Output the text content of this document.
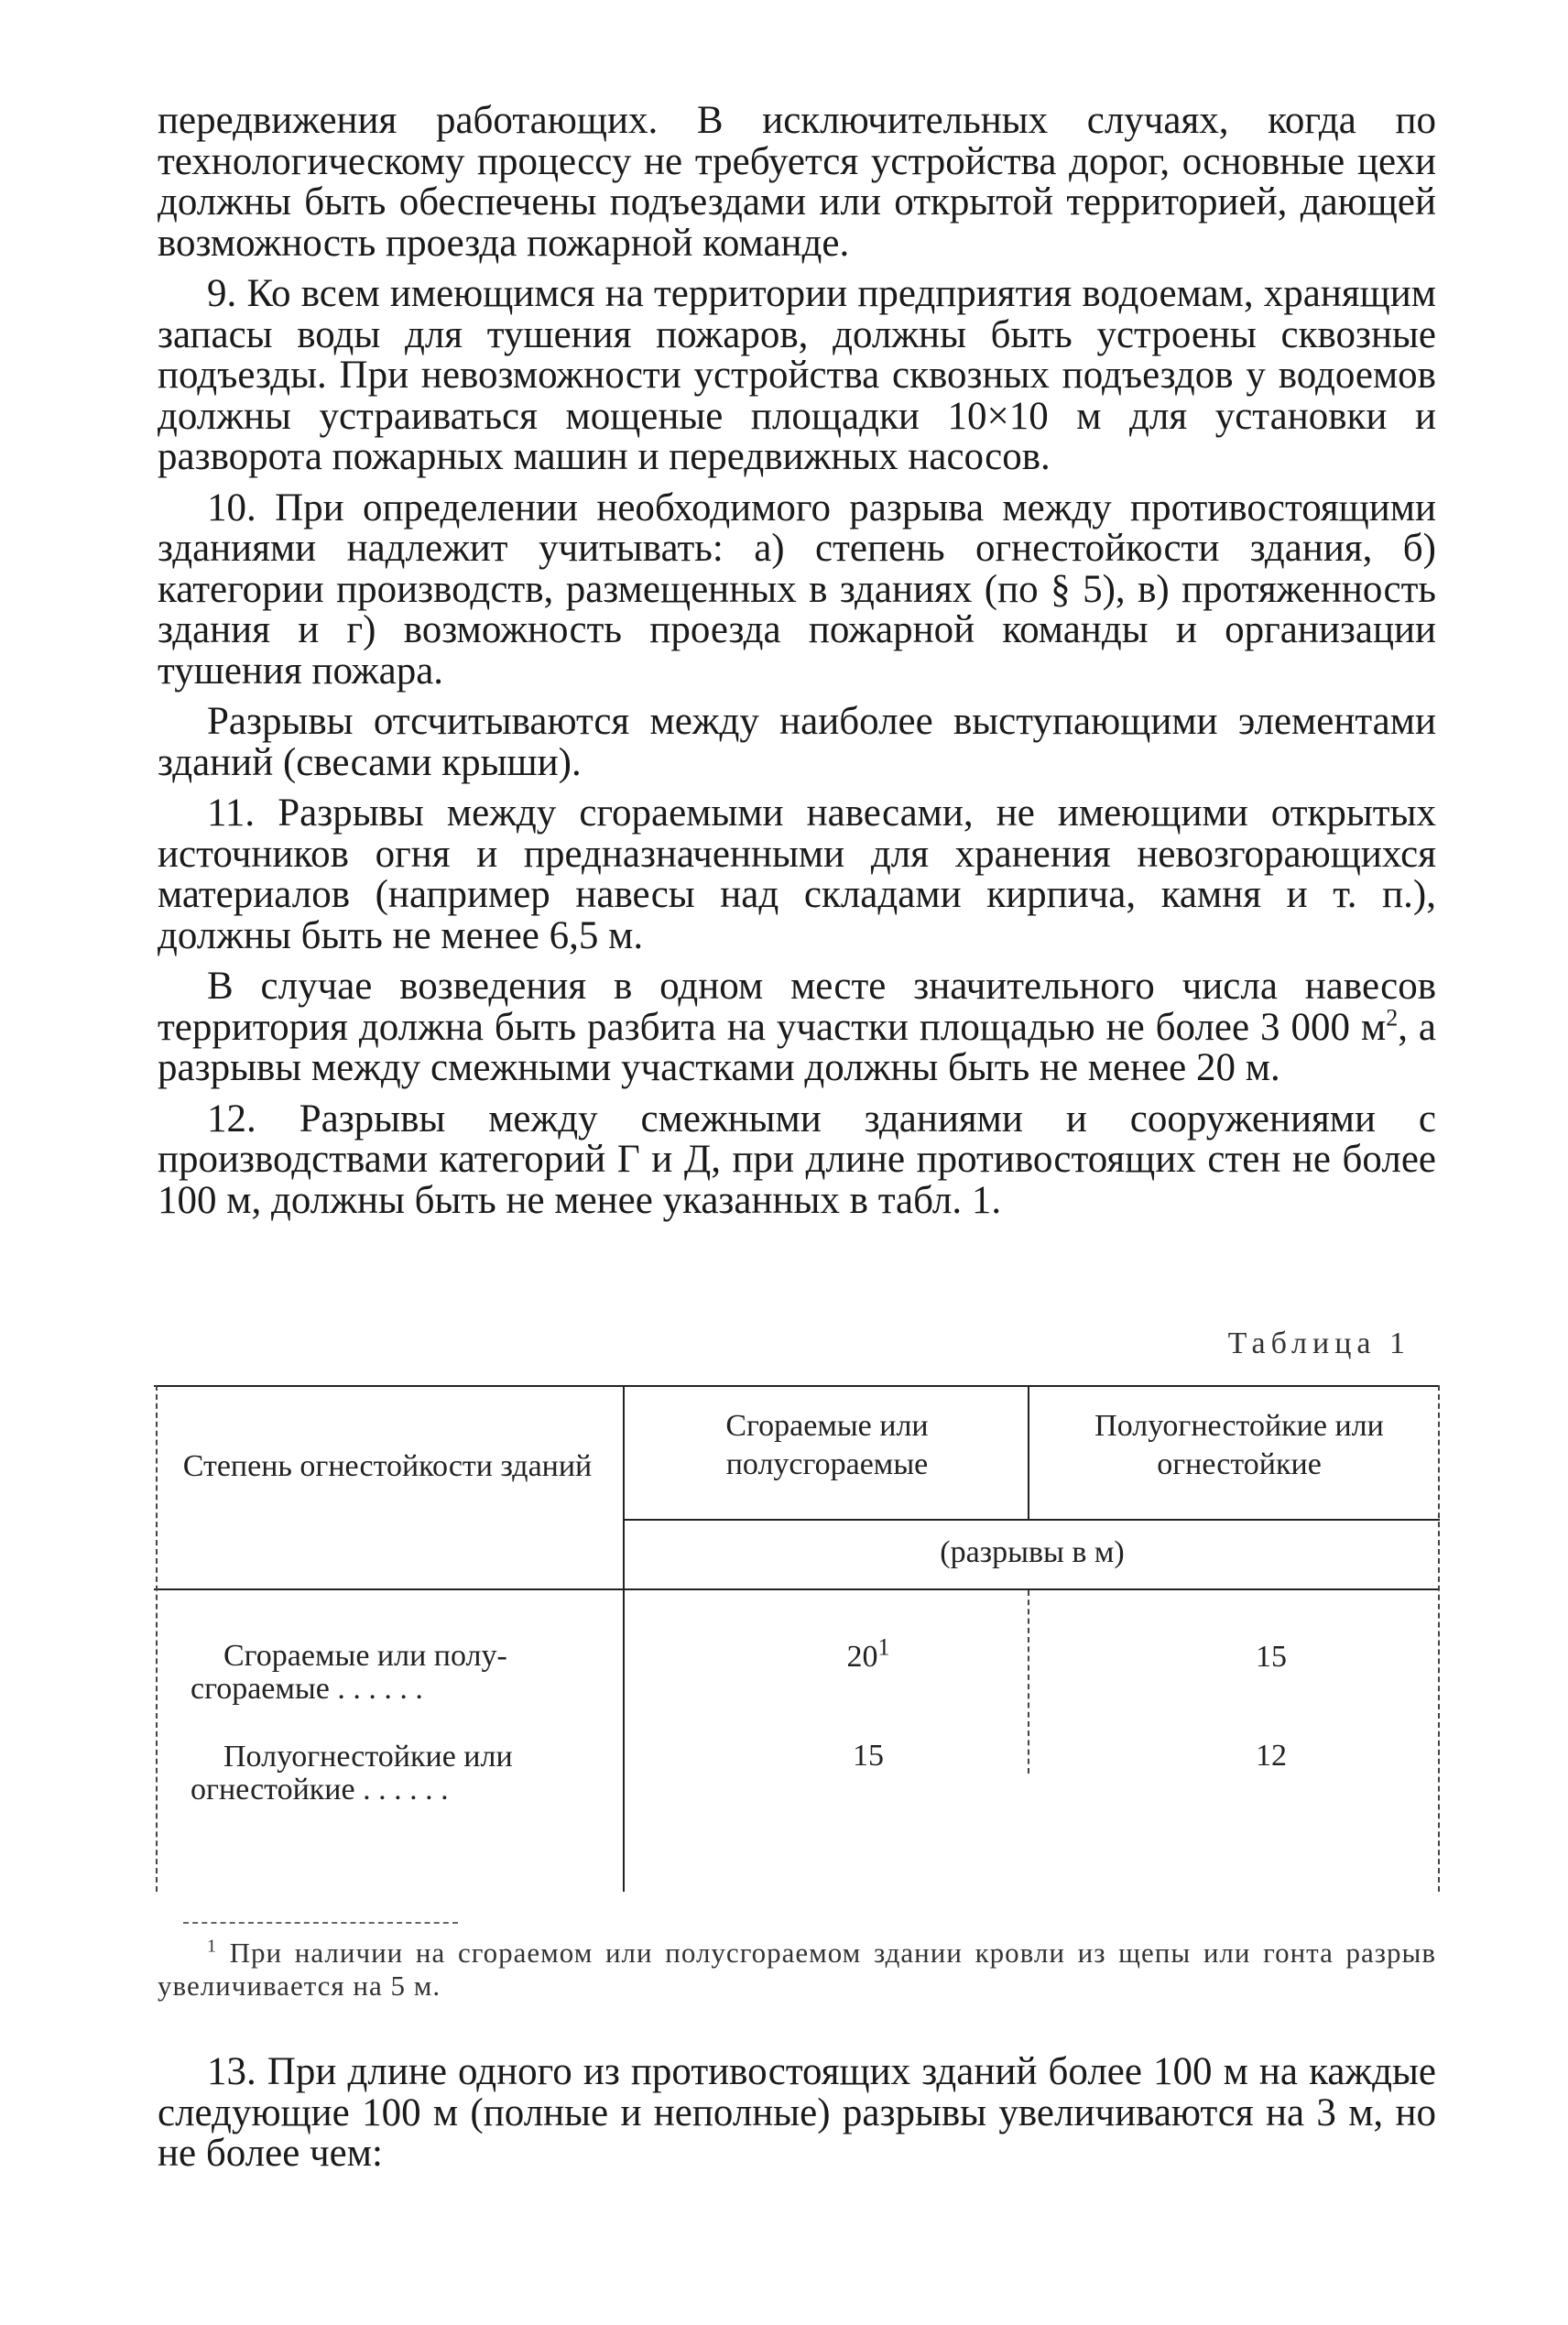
передвижения работающих. В исключительных случаях, когда по технологическому процессу не требуется устройства дорог, основные цехи должны быть обеспечены подъездами или открытой территорией, дающей возможность проезда пожарной команде.

9. Ко всем имеющимся на территории предприятия водоемам, хранящим запасы воды для тушения пожаров, должны быть устроены сквозные подъезды. При невозможности устройства сквозных подъездов у водоемов должны устраиваться мощеные площадки 10×10 м для установки и разворота пожарных машин и передвижных насосов.

10. При определении необходимого разрыва между противостоящими зданиями надлежит учитывать: а) степень огнестойкости здания, б) категории производств, размещенных в зданиях (по § 5), в) протяженность здания и г) возможность проезда пожарной команды и организации тушения пожара.

Разрывы отсчитываются между наиболее выступающими элементами зданий (свесами крыши).

11. Разрывы между сгораемыми навесами, не имеющими открытых источников огня и предназначенными для хранения невозгорающихся материалов (например навесы над складами кирпича, камня и т. п.), должны быть не менее 6,5 м.

В случае возведения в одном месте значительного числа навесов территория должна быть разбита на участки площадью не более 3 000 $м^2$, а разрывы между смежными участками должны быть не менее 20 м.

12. Разрывы между смежными зданиями и сооружениями с производствами категорий Г и Д, при длине противостоящих стен не более 100 м, должны быть не менее указанных в табл. 1.

Таблица 1
Степень огнестойкости зданий
Сгораемые или полусгораемые
Полуогнестойкие или огнестойкие
(разрывы в м)
Сгораемые или полу-
сгораемые . . . . . .
$20^1$	15
Полуогнестойкие или
огнестойкие . . . . . .
15	12
$^1$ При наличии на сгораемом или полусгораемом здании кровли из щепы или гонта разрыв увеличивается на 5 м.

13. При длине одного из противостоящих зданий более 100 м на каждые следующие 100 м (полные и неполные) разрывы увеличиваются на 3 м, но не более чем:
